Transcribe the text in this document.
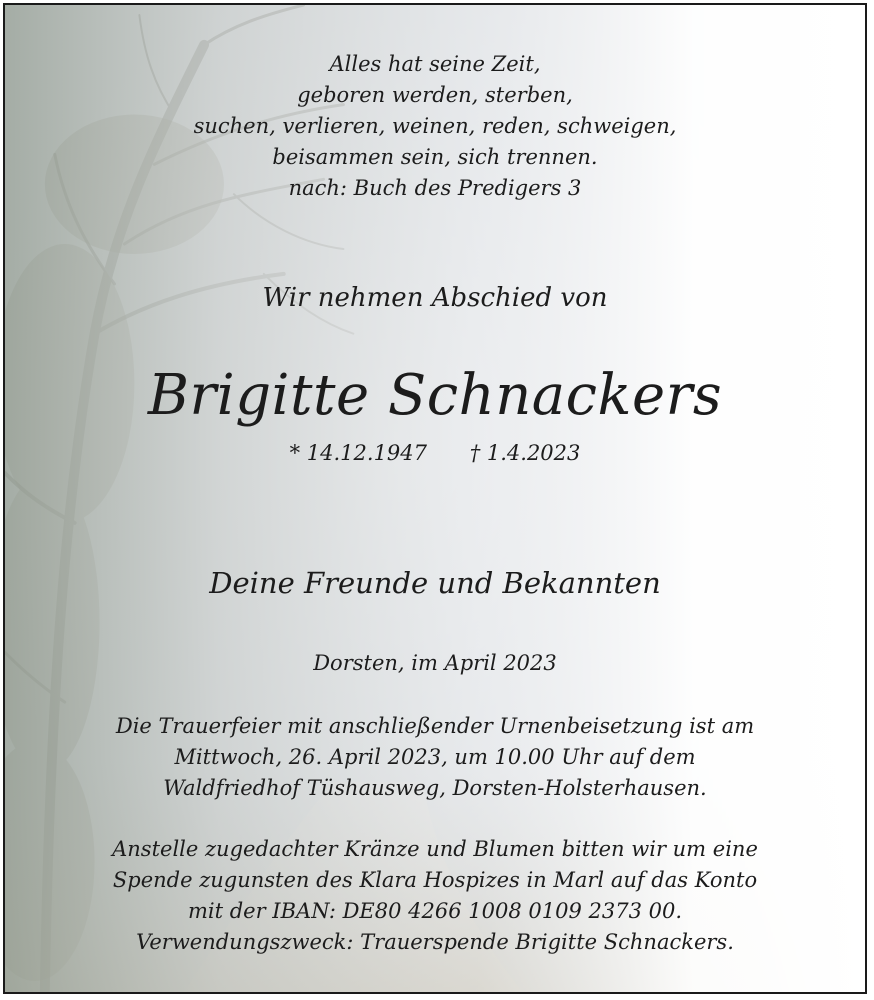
Alles hat seine Zeit,
geboren werden, sterben,
suchen, verlieren, weinen, reden, schweigen,
beisammen sein, sich trennen.
nach: Buch des Predigers 3
Wir nehmen Abschied von
Brigitte Schnackers
* 14.12.1947 † 1.4.2023
Deine Freunde und Bekannten
Dorsten, im April 2023
Die Trauerfeier mit anschließender Urnenbeisetzung ist am
Mittwoch, 26. April 2023, um 10.00 Uhr auf dem
Waldfriedhof Tüshausweg, Dorsten-Holsterhausen.
Anstelle zugedachter Kränze und Blumen bitten wir um eine
Spende zugunsten des Klara Hospizes in Marl auf das Konto
mit der IBAN: DE80 4266 1008 0109 2373 00.
Verwendungszweck: Trauerspende Brigitte Schnackers.
